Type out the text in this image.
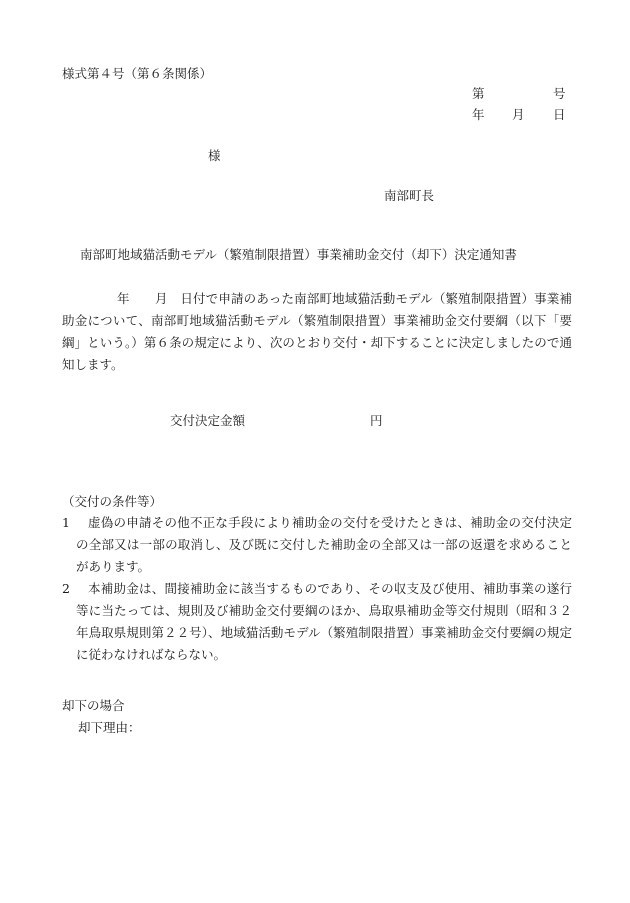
様式第４号（第６条関係）
第	号
年 月 日
様
南部町長
南部町地域猫活動モデル（繁殖制限措置）事業補助金交付（却下）決定通知書
年　　 月　 日付で申請のあった南部町地域猫活動モデル（繁殖制限措置）事業補助金について、南部町地域猫活動モデル（繁殖制限措置）事業補助金交付要綱（以下「要綱」という。）第６条の規定により、次のとおり交付・却下することに決定しましたので通知します。
交付決定金額	円
（交付の条件等）
1	虚偽の申請その他不正な手段により補助金の交付を受けたときは、補助金の交付決定の全部又は一部の取消し、及び既に交付した補助金の全部又は一部の返還を求めることがあります。
2	本補助金は、間接補助金に該当するものであり、その収支及び使用、補助事業の遂行等に当たっては、規則及び補助金交付要綱のほか、鳥取県補助金等交付規則（昭和３２年鳥取県規則第２２号）、地域猫活動モデル（繁殖制限措置）事業補助金交付要綱の規定に従わなければならない。
却下の場合
却下理由：
